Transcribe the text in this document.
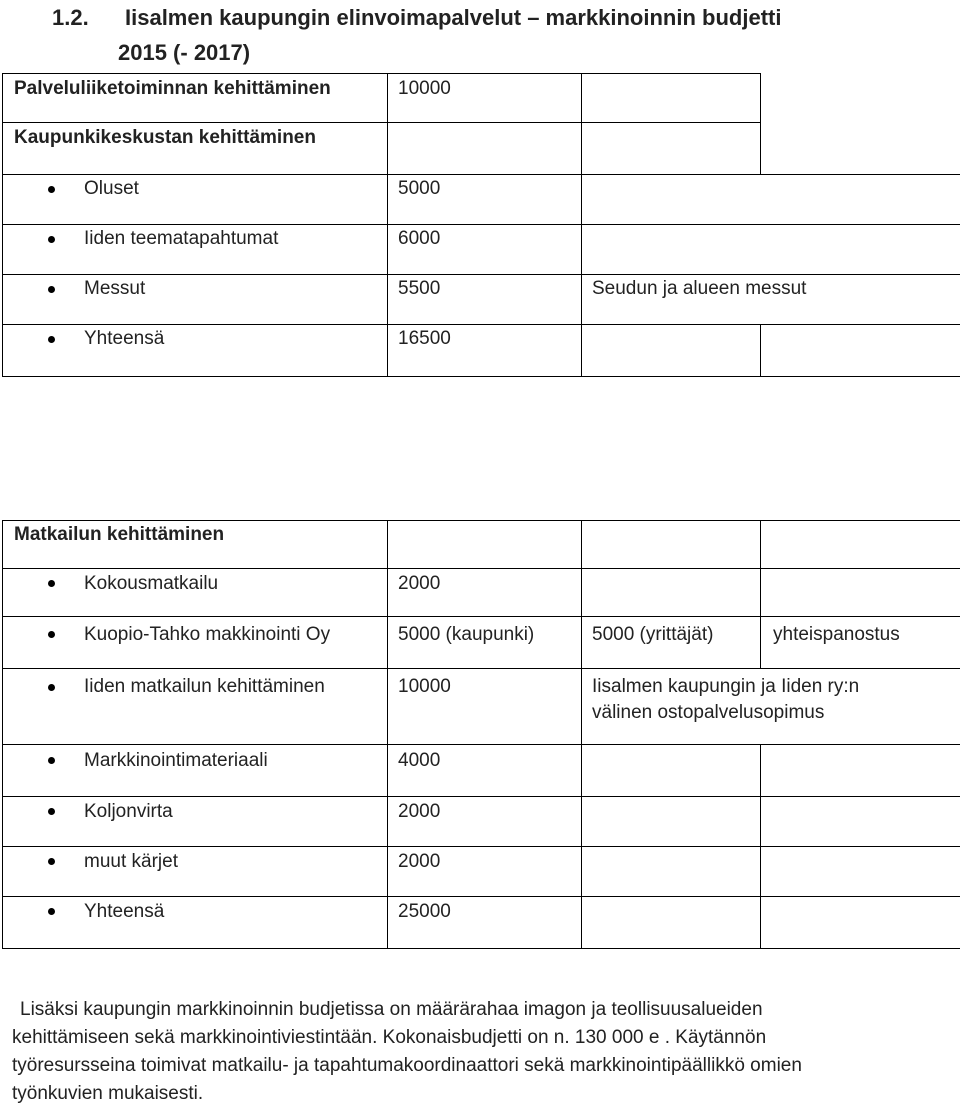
1.2. Iisalmen kaupungin elinvoimapalvelut – markkinoinnin budjetti
2015 (- 2017)
Palveluliiketoiminnan kehittäminen	10000
Kaupunkikeskustan kehittäminen
Oluset	5000
Iiden teematapahtumat	6000
Messut	5500	Seudun ja alueen messut
Yhteensä	16500
Matkailun kehittäminen
Kokousmatkailu	2000
Kuopio-Tahko makkinointi Oy	5000 (kaupunki)	5000 (yrittäjät)	yhteispanostus
Iiden matkailun kehittäminen	10000	Iisalmen kaupungin ja Iiden ry:n
välinen ostopalvelusopimus
Markkinointimateriaali	4000
Koljonvirta	2000
muut kärjet	2000
Yhteensä	25000
Lisäksi kaupungin markkinoinnin budjetissa on määrärahaa imagon ja teollisuusalueiden
kehittämiseen sekä markkinointiviestintään. Kokonaisbudjetti on n. 130 000 e . Käytännön
työresursseina toimivat matkailu- ja tapahtumakoordinaattori sekä markkinointipäällikkö omien
työnkuvien mukaisesti.
